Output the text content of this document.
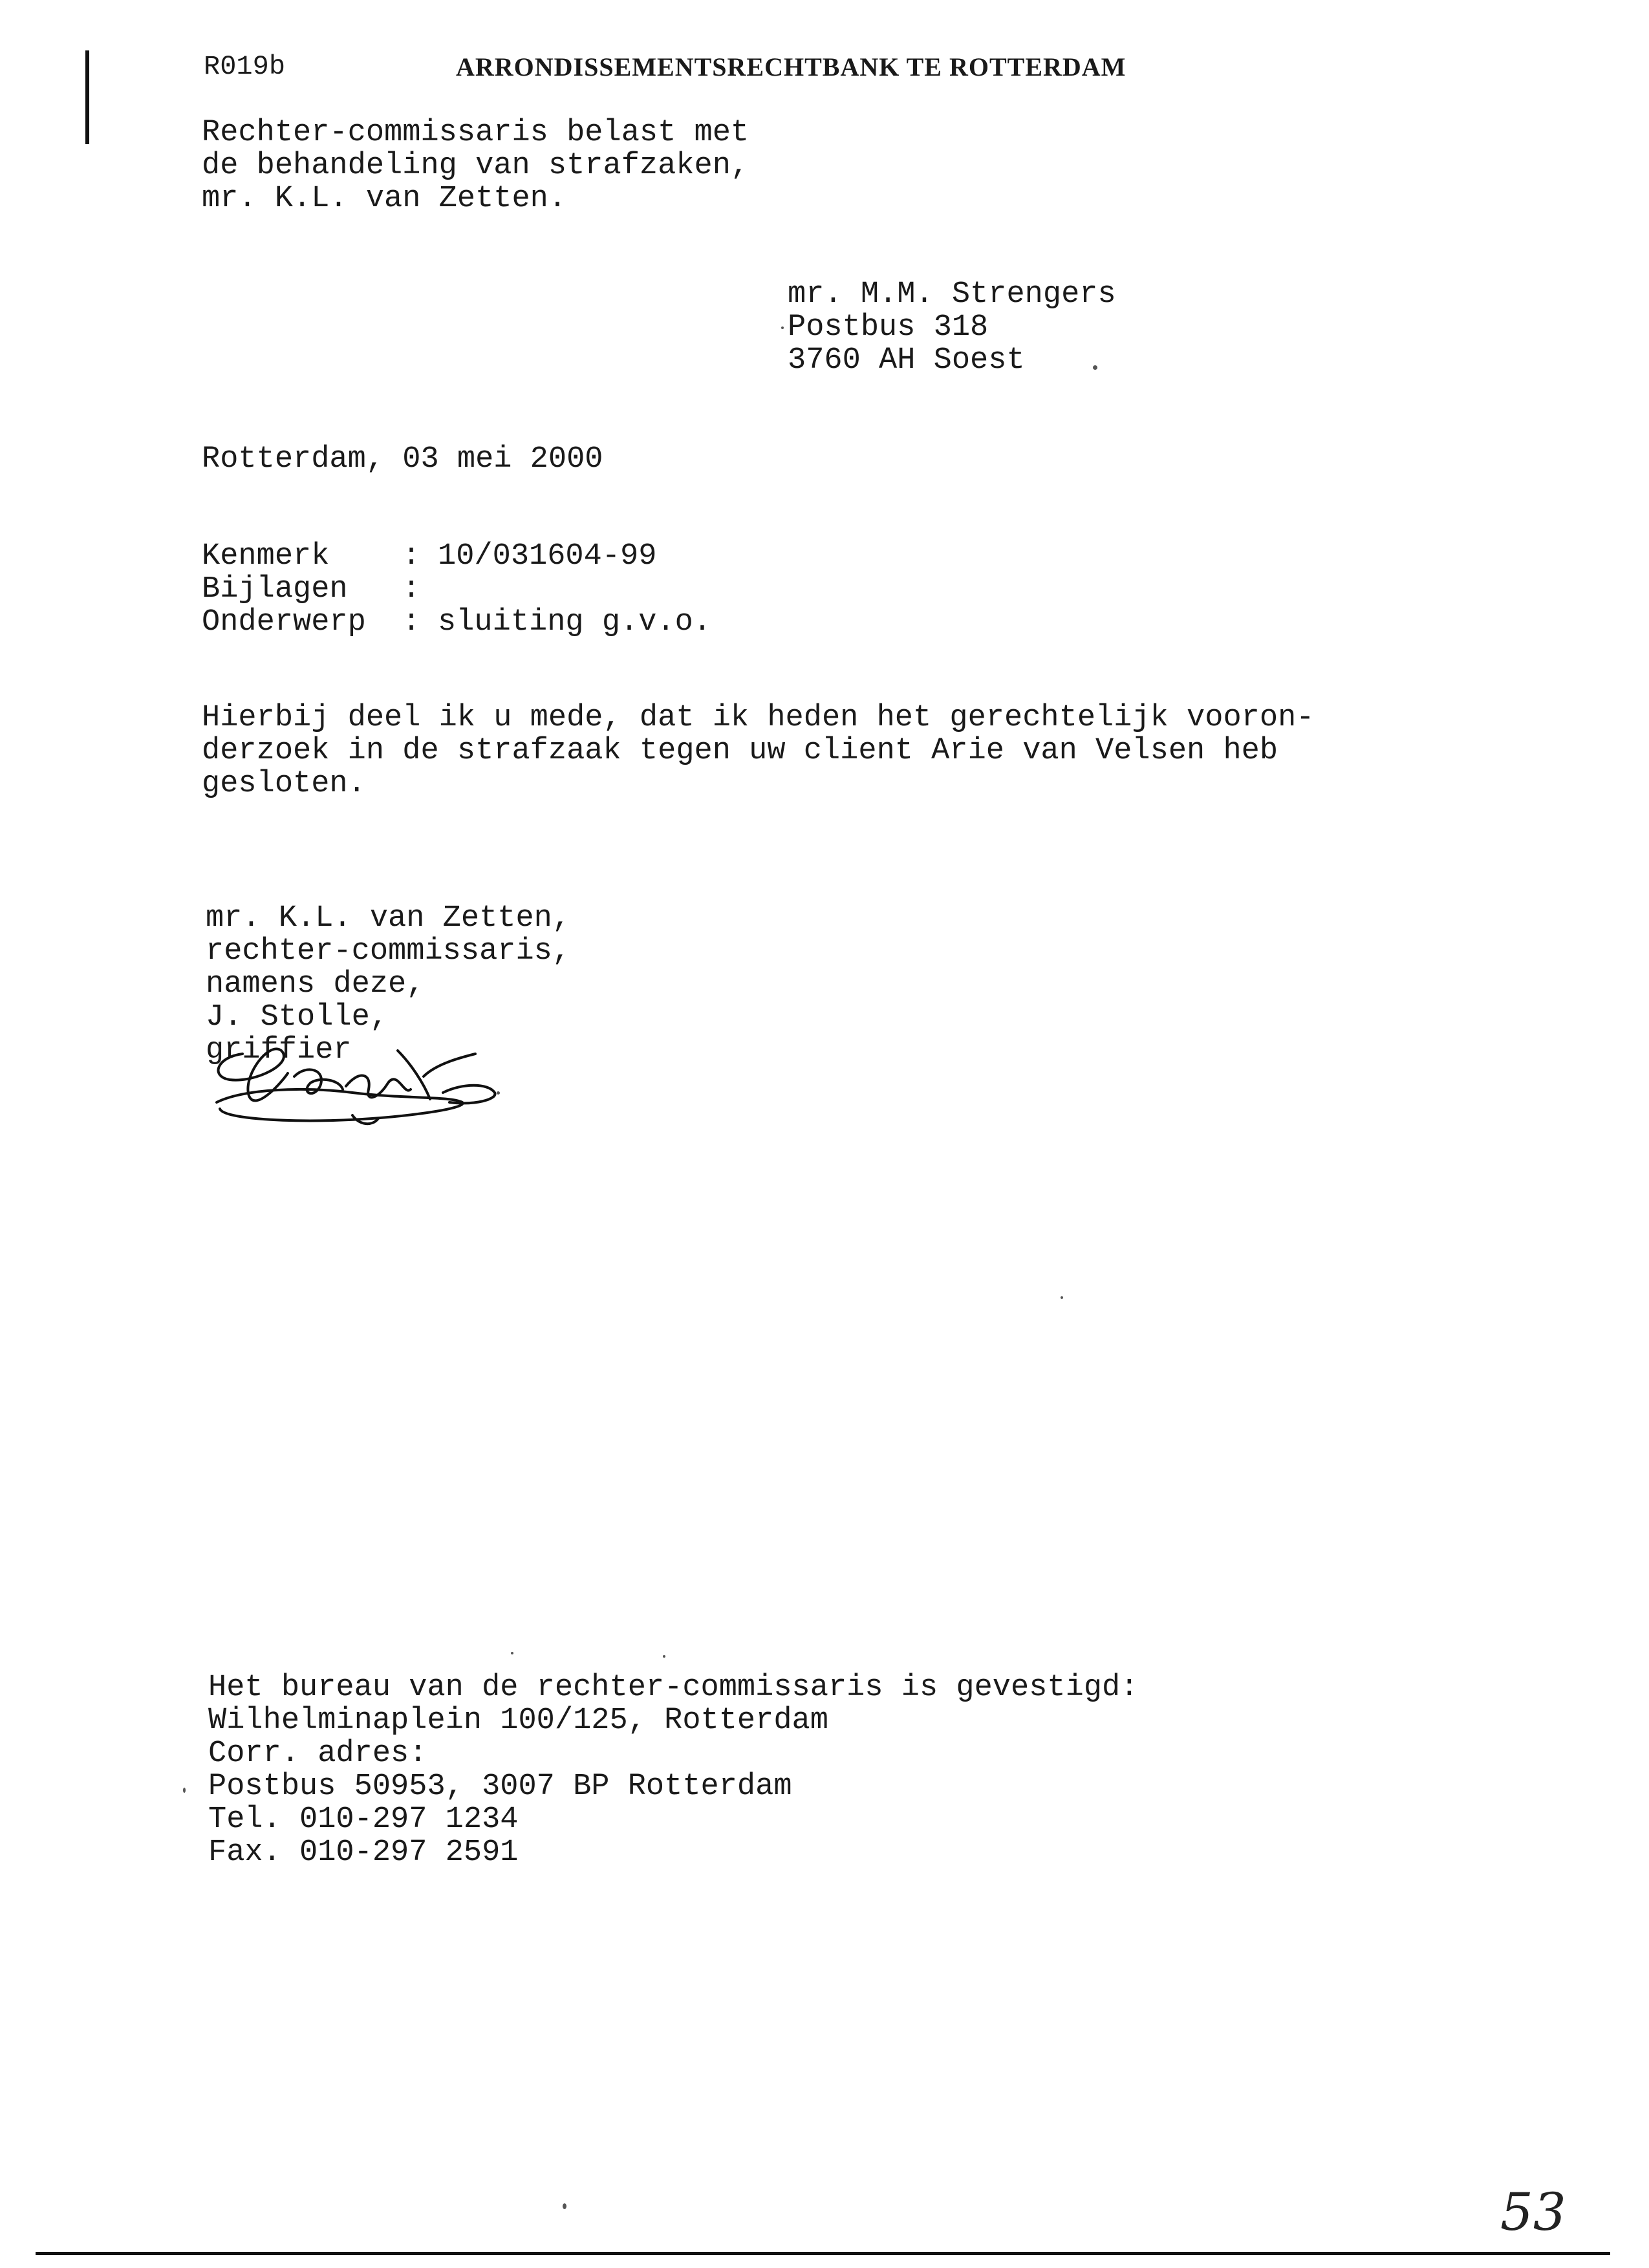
R019b	ARRONDISSEMENTSRECHTBANK TE ROTTERDAM
Rechter-commissaris belast met
de behandeling van strafzaken,
mr. K.L. van Zetten.
mr. M.M. Strengers
Postbus 318
3760 AH Soest
Rotterdam, 03 mei 2000
Kenmerk : 10/031604-99
Bijlagen :
Onderwerp : sluiting g.v.o.
Hierbij deel ik u mede, dat ik heden het gerechtelijk vooron-
derzoek in de strafzaak tegen uw client Arie van Velsen heb
gesloten.
mr. K.L. van Zetten,
rechter-commissaris,
namens deze,
J. Stolle,
griffier
Het bureau van de rechter-commissaris is gevestigd:
Wilhelminaplein 100/125, Rotterdam
Corr. adres:
Postbus 50953, 3007 BP Rotterdam
Tel. 010-297 1234
Fax. 010-297 2591
53
